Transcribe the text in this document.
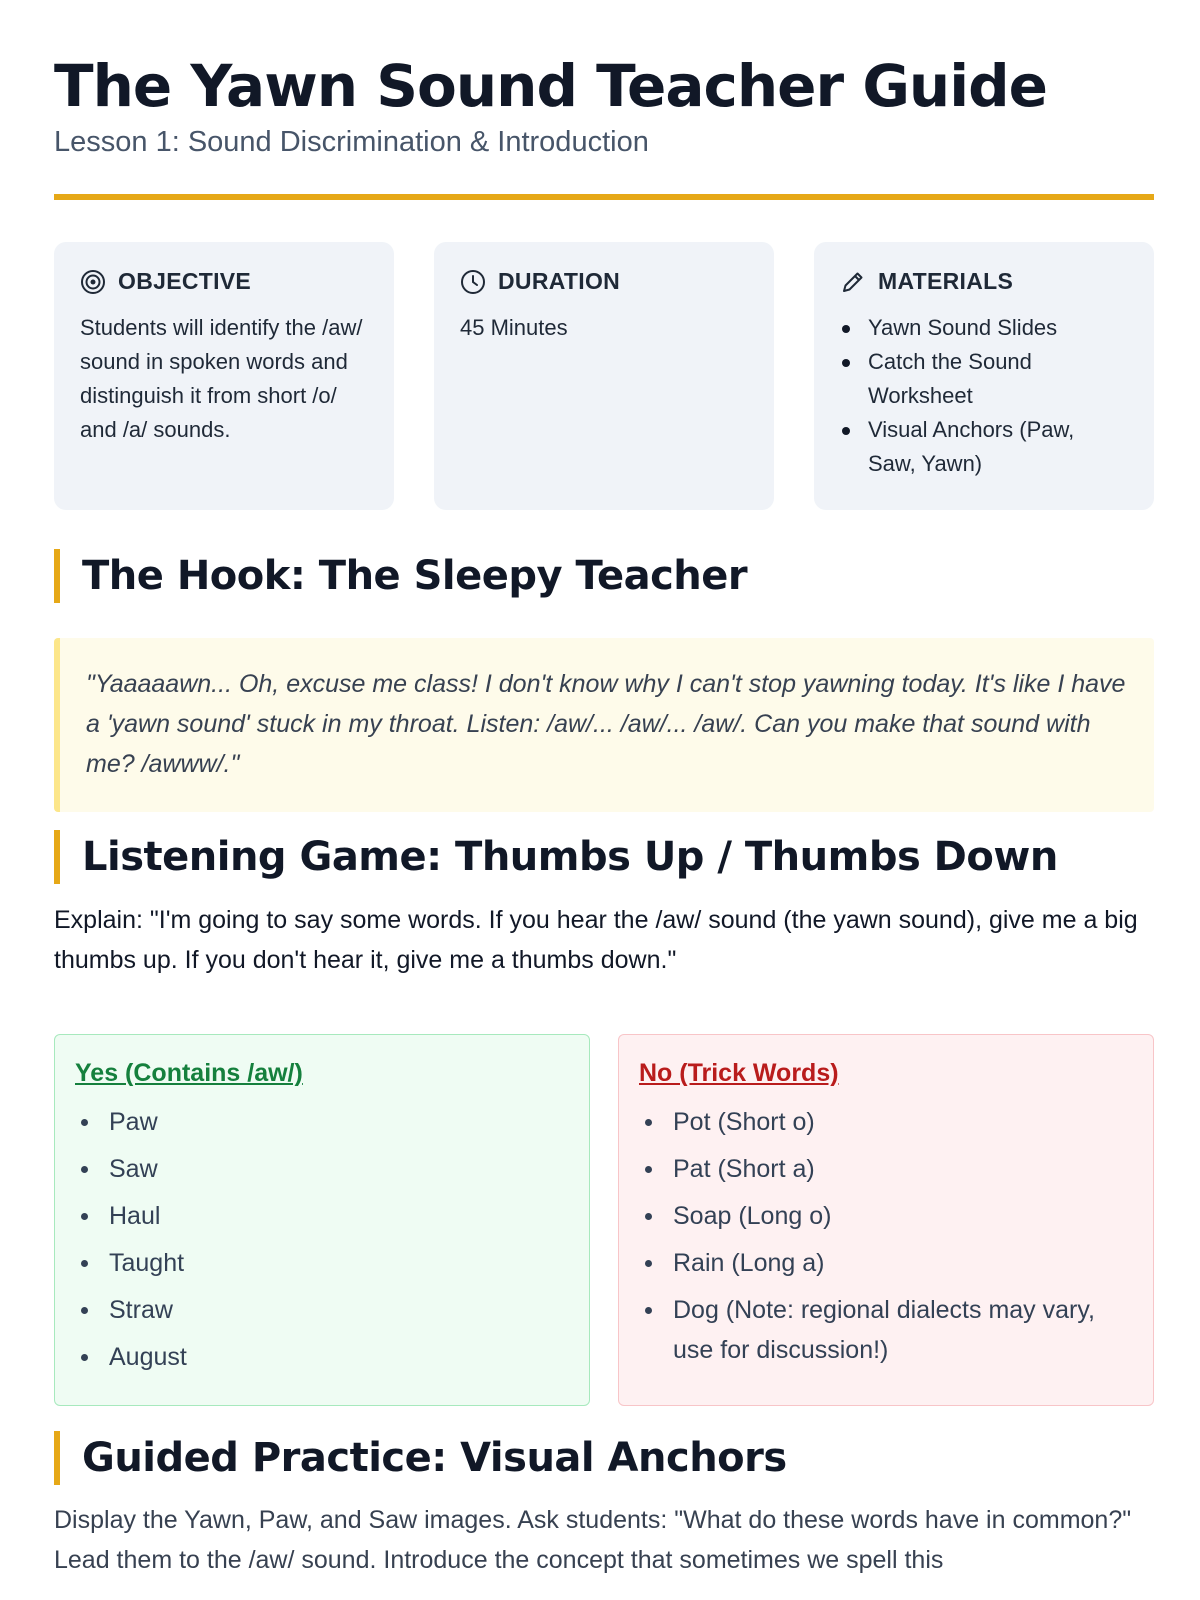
The Yawn Sound Teacher Guide
Lesson 1: Sound Discrimination & Introduction
OBJECTIVE

Students will identify the /aw/ sound in spoken words and distinguish it from short /o/ and /a/ sounds.

DURATION

45 Minutes

MATERIALS
Yawn Sound Slides
Catch the Sound Worksheet
Visual Anchors (Paw, Saw, Yawn)
The Hook: The Sleepy Teacher

"Yaaaaawn... Oh, excuse me class! I don't know why I can't stop yawning today. It's like I have a 'yawn sound' stuck in my throat. Listen: /aw/... /aw/... /aw/. Can you make that sound with me? /awww/."

Listening Game: Thumbs Up / Thumbs Down

Explain: "I'm going to say some words. If you hear the /aw/ sound (the yawn sound), give me a big thumbs up. If you don't hear it, give me a thumbs down."

Yes (Contains /aw/)
Paw
Saw
Haul
Taught
Straw
August
No (Trick Words)
Pot (Short o)
Pat (Short a)
Soap (Long o)
Rain (Long a)
Dog (Note: regional dialects may vary, use for discussion!)
Guided Practice: Visual Anchors

Display the Yawn, Paw, and Saw images. Ask students: "What do these words have in common?" Lead them to the /aw/ sound. Introduce the concept that sometimes we spell this
